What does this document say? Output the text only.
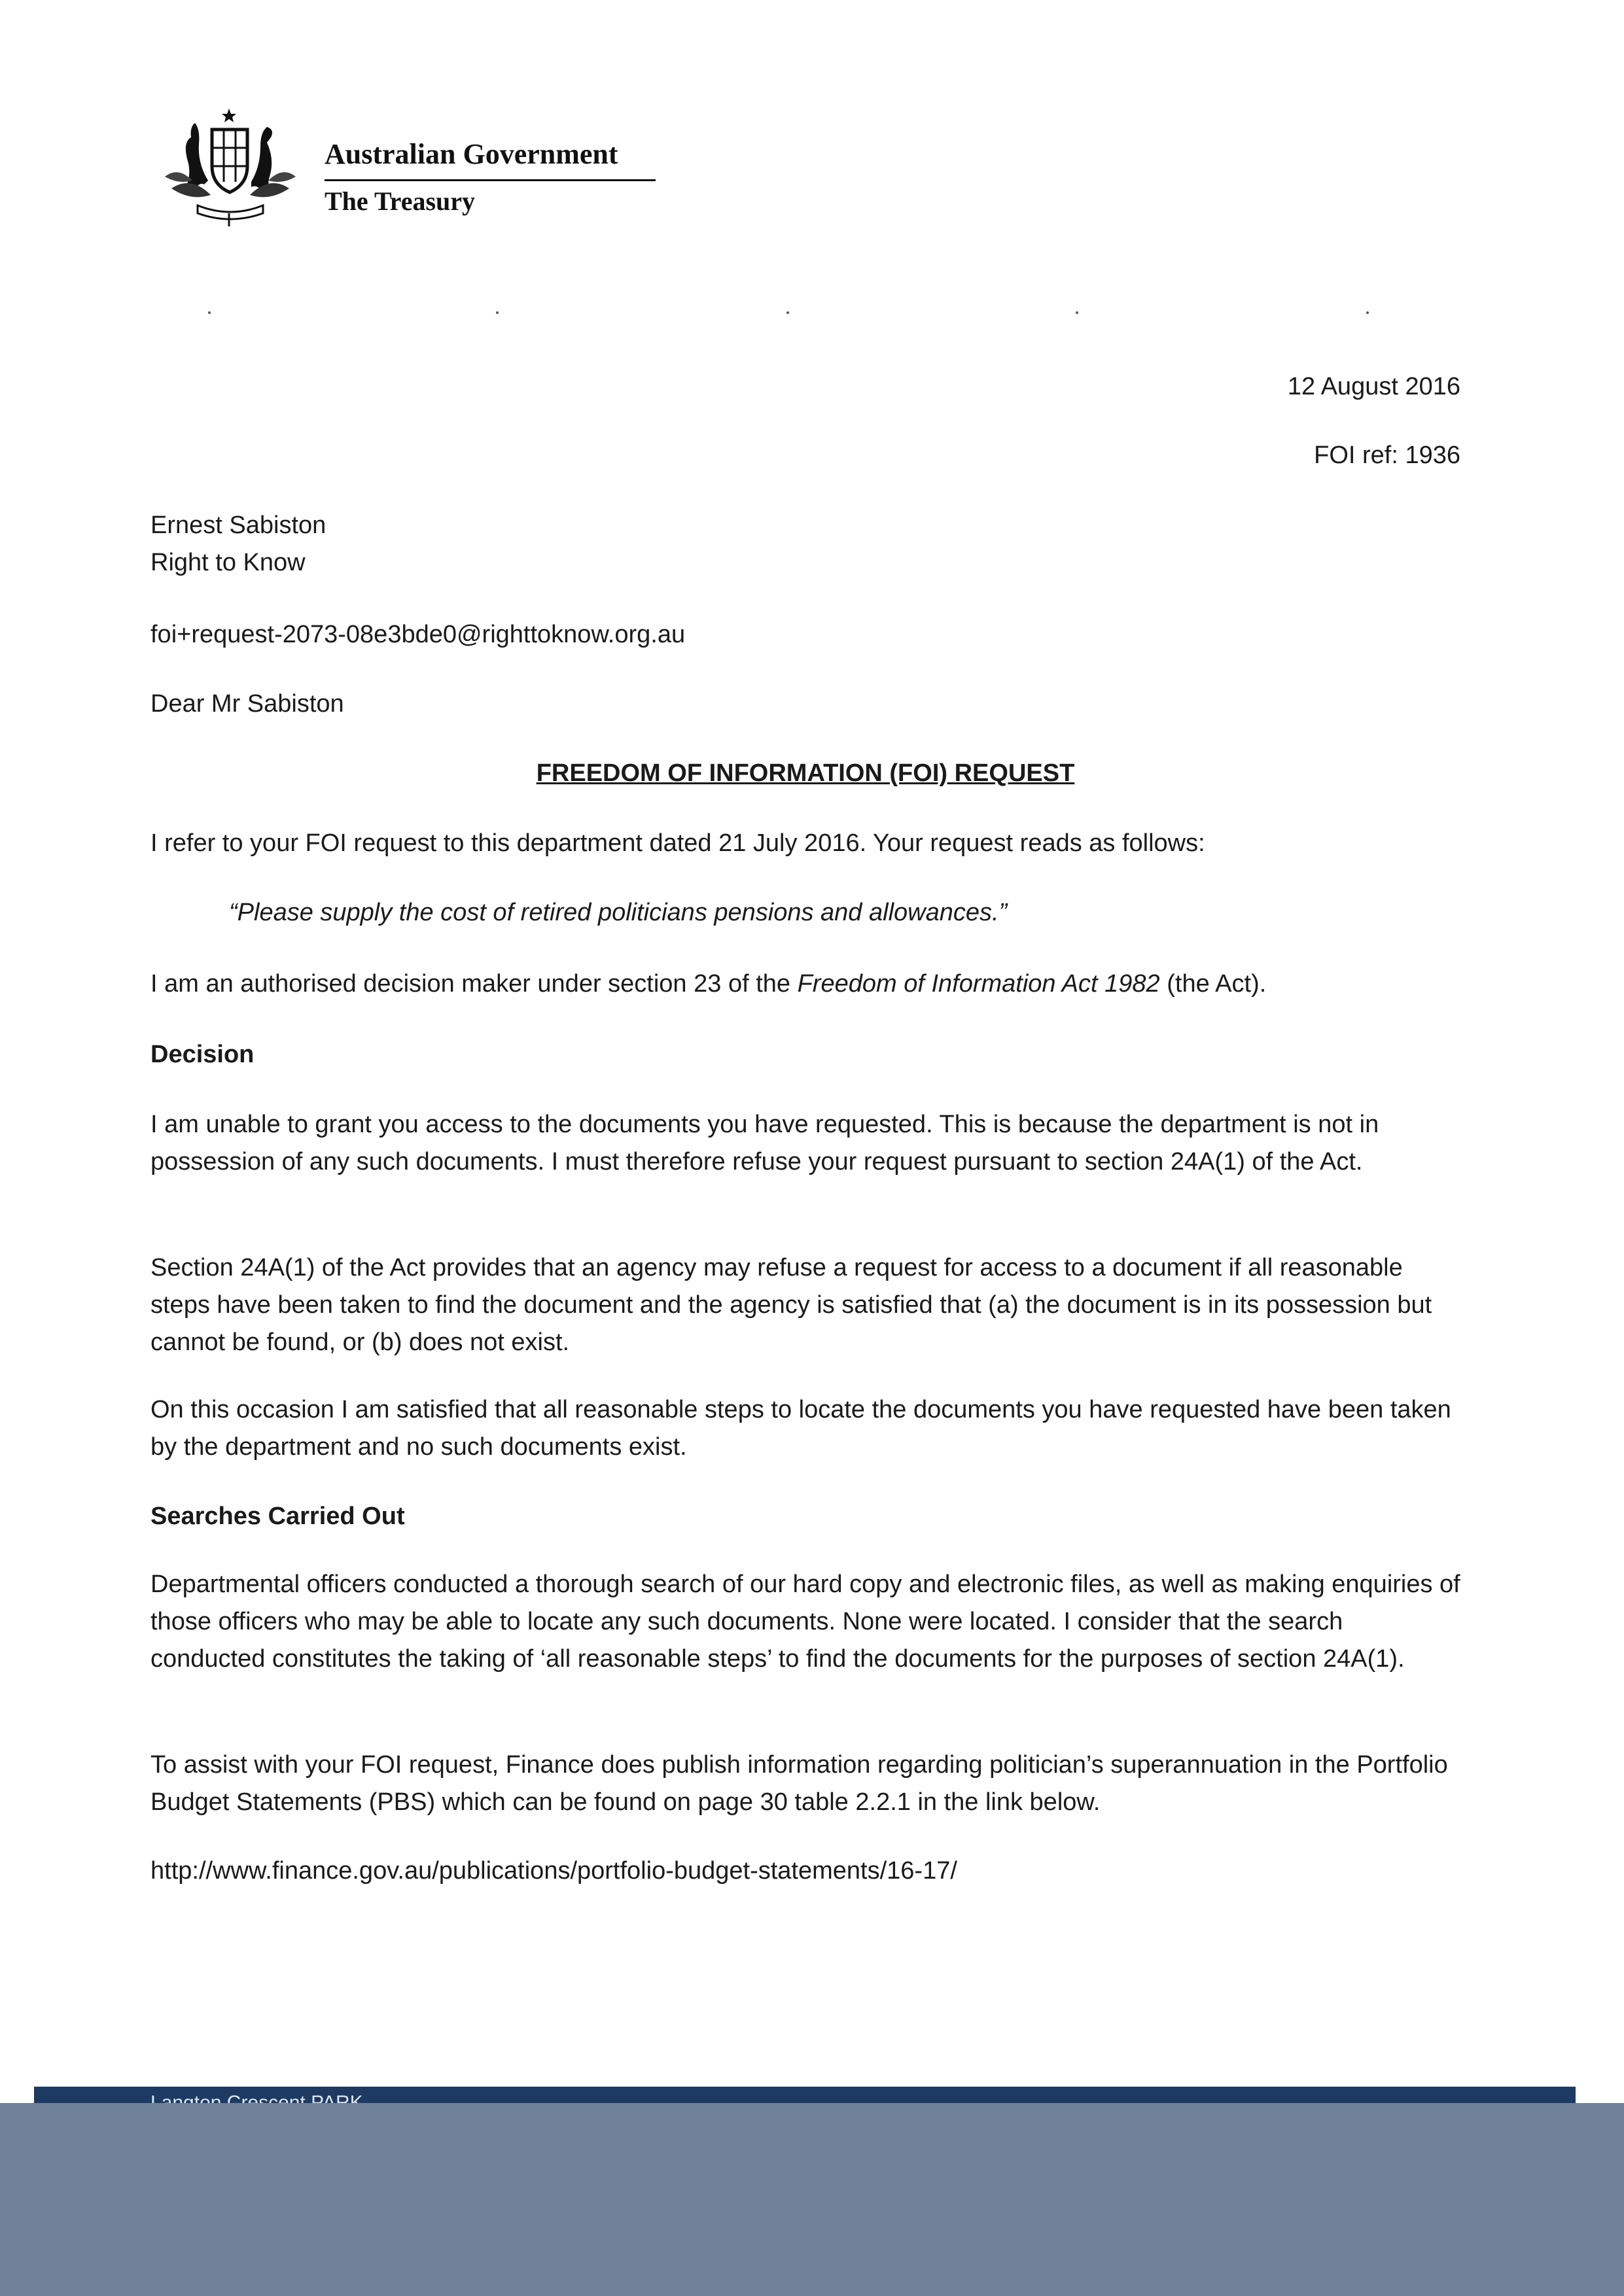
Australian Government
The Treasury
12 August 2016
FOI ref: 1936
Ernest Sabiston
Right to Know
foi+request-2073-08e3bde0@righttoknow.org.au
Dear Mr Sabiston
FREEDOM OF INFORMATION (FOI) REQUEST
I refer to your FOI request to this department dated 21 July 2016. Your request reads as follows:
“Please supply the cost of retired politicians pensions and allowances.”
I am an authorised decision maker under section 23 of the Freedom of Information Act 1982 (the Act).
Decision
I am unable to grant you access to the documents you have requested. This is because the department is not in possession of any such documents. I must therefore refuse your request pursuant to section 24A(1) of the Act.
Section 24A(1) of the Act provides that an agency may refuse a request for access to a document if all reasonable steps have been taken to find the document and the agency is satisfied that (a) the document is in its possession but cannot be found, or (b) does not exist.
On this occasion I am satisfied that all reasonable steps to locate the documents you have requested have been taken by the department and no such documents exist.
Searches Carried Out
Departmental officers conducted a thorough search of our hard copy and electronic files, as well as making enquiries of those officers who may be able to locate any such documents. None were located. I consider that the search conducted constitutes the taking of ‘all reasonable steps’ to find the documents for the purposes of section 24A(1).
To assist with your FOI request, Finance does publish information regarding politician’s superannuation in the Portfolio Budget Statements (PBS) which can be found on page 30 table 2.2.1 in the link below.
http://www.finance.gov.au/publications/portfolio-budget-statements/16-17/
